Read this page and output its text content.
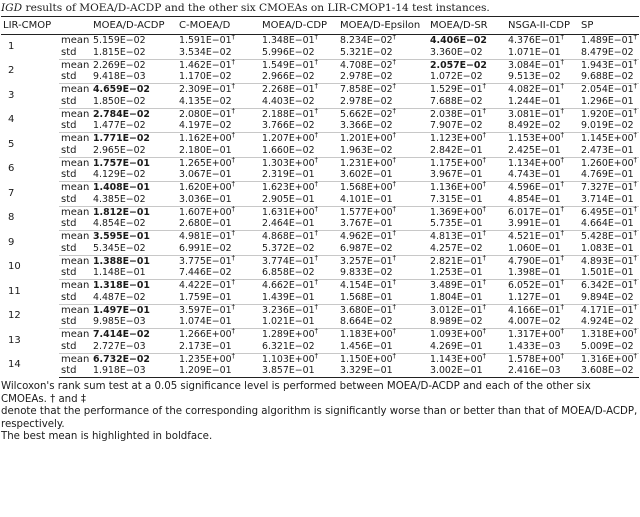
IGD results of MOEA/D-ACDP and the other six CMOEAs on LIR-CMOP1-14 test instances.
LIR-CMOP		MOEA/D-ACDP	C-MOEA/D	MOEA/D-CDP	MOEA/D-Epsilon	MOEA/D-SR	NSGA-II-CDP	SP
1	mean	5.159E−02	1.591E−01†	1.348E−01†	8.234E−02†	4.406E−02	4.376E−01†	1.489E−01†
	std	1.815E−02	3.534E−02	5.996E−02	5.321E−02	3.360E−02	1.071E−01	8.479E−02
2	mean	2.269E−02	1.462E−01†	1.549E−01†	4.708E−02†	2.057E−02	3.084E−01†	1.943E−01†
	std	9.418E−03	1.170E−02	2.966E−02	2.978E−02	1.072E−02	9.513E−02	9.688E−02
3	mean	4.659E−02	2.309E−01†	2.268E−01†	7.858E−02†	1.529E−01†	4.082E−01†	2.054E−01†
	std	1.850E−02	4.135E−02	4.403E−02	2.978E−02	7.688E−02	1.244E−01	1.296E−01
4	mean	2.784E−02	2.080E−01†	2.188E−01†	5.662E−02†	2.038E−01†	3.081E−01†	1.920E−01†
	std	1.477E−02	4.197E−02	3.766E−02	3.366E−02	7.907E−02	8.492E−02	9.019E−02
5	mean	1.771E−02	1.162E+00†	1.207E+00†	1.201E+00†	1.123E+00†	1.153E+00†	1.145E+00†
	std	2.965E−02	2.180E−01	1.660E−02	1.963E−02	2.842E−01	2.425E−01	2.473E−01
6	mean	1.757E−01	1.265E+00†	1.303E+00†	1.231E+00†	1.175E+00†	1.134E+00†	1.260E+00†
	std	4.129E−02	3.067E−01	2.319E−01	3.602E−01	3.967E−01	4.743E−01	4.769E−01
7	mean	1.408E−01	1.620E+00†	1.623E+00†	1.568E+00†	1.136E+00†	4.596E−01†	7.327E−01†
	std	4.385E−02	3.036E−01	2.905E−01	4.101E−01	7.315E−01	4.854E−01	3.714E−01
8	mean	1.812E−01	1.607E+00†	1.631E+00†	1.577E+00†	1.369E+00†	6.017E−01†	6.495E−01†
	std	4.854E−02	2.680E−01	2.464E−01	3.767E−01	5.735E−01	3.991E−01	4.664E−01
9	mean	3.595E−01	4.981E−01†	4.868E−01†	4.962E−01†	4.813E−01†	4.521E−01†	5.428E−01†
	std	5.345E−02	6.991E−02	5.372E−02	6.987E−02	4.257E−02	1.060E−01	1.083E−01
10	mean	1.388E−01	3.775E−01†	3.774E−01†	3.257E−01†	2.821E−01†	4.790E−01†	4.893E−01†
	std	1.148E−01	7.446E−02	6.858E−02	9.833E−02	1.253E−01	1.398E−01	1.501E−01
11	mean	1.318E−01	4.422E−01†	4.662E−01†	4.154E−01†	3.489E−01†	6.052E−01†	6.342E−01†
	std	4.487E−02	1.759E−01	1.439E−01	1.568E−01	1.804E−01	1.127E−01	9.894E−02
12	mean	1.497E−01	3.597E−01†	3.236E−01†	3.680E−01†	3.012E−01†	4.166E−01†	4.171E−01†
	std	9.985E−03	1.074E−01	1.021E−01	8.664E−02	8.989E−02	4.007E−02	4.924E−02
13	mean	7.414E−02	1.266E+00†	1.289E+00†	1.183E+00†	1.093E+00†	1.317E+00†	1.318E+00†
	std	2.727E−03	2.173E−01	6.321E−02	1.456E−01	4.269E−01	1.433E−03	5.009E−02
14	mean	6.732E−02	1.235E+00†	1.103E+00†	1.150E+00†	1.143E+00†	1.578E+00†	1.316E+00†
	std	1.918E−03	1.209E−01	3.857E−01	3.329E−01	3.002E−01	2.416E−03	3.608E−02

Wilcoxon's rank sum test at a 0.05 significance level is performed between MOEA/D-ACDP and each of the other six CMOEAs. † and ‡

denote that the performance of the corresponding algorithm is significantly worse than or better than that of MOEA/D-ACDP, respectively.

The best mean is highlighted in boldface.
